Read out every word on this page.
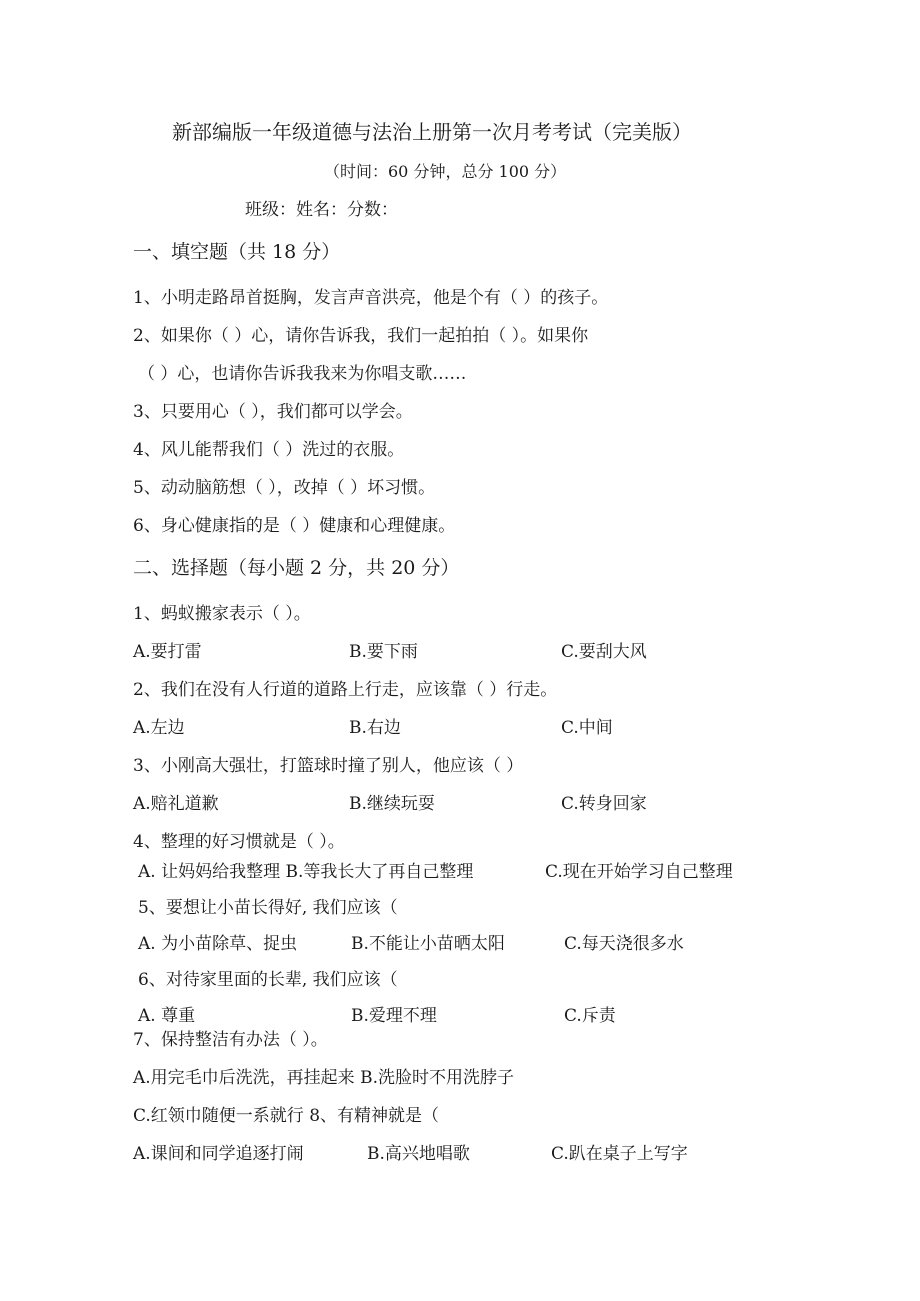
新部编版一年级道德与法治上册第一次月考考试（完美版）
（时间：60 分钟，总分 100 分）
班级：姓名：分数：
一、填空题（共 18 分）
1、小明走路昂首挺胸，发言声音洪亮，他是个有（ ）的孩子。
2、如果你（ ）心，请你告诉我，我们一起拍拍（ ）。如果你
（ ）心，也请你告诉我我来为你唱支歌……
3、只要用心（ ），我们都可以学会。
4、风儿能帮我们（ ）洗过的衣服。
5、动动脑筋想（ ），改掉（ ）坏习惯。
6、身心健康指的是（ ）健康和心理健康。
二、选择题（每小题 2 分，共 20 分）
1、蚂蚁搬家表示（ ）。
A.要打雷	B.要下雨	C.要刮大风
2、我们在没有人行道的道路上行走，应该靠（ ）行走。
A.左边	B.右边	C.中间
3、小刚高大强壮，打篮球时撞了别人，他应该（ ）
A.赔礼道歉	B.继续玩耍	C.转身回家
4、整理的好习惯就是（ ）。
A. 让妈妈给我整理 B.等我长大了再自己整理	C.现在开始学习自己整理
5、要想让小苗长得好, 我们应该（
A. 为小苗除草、捉虫	B.不能让小苗晒太阳	C.每天浇很多水
6、对待家里面的长辈, 我们应该（
A. 尊重	B.爱理不理	C.斥责
7、保持整洁有办法（ ）。
A.用完毛巾后洗洗，再挂起来 B.洗脸时不用洗脖子
C.红领巾随便一系就行 8、有精神就是（
A.课间和同学追逐打闹	B.高兴地唱歌	C.趴在桌子上写字
